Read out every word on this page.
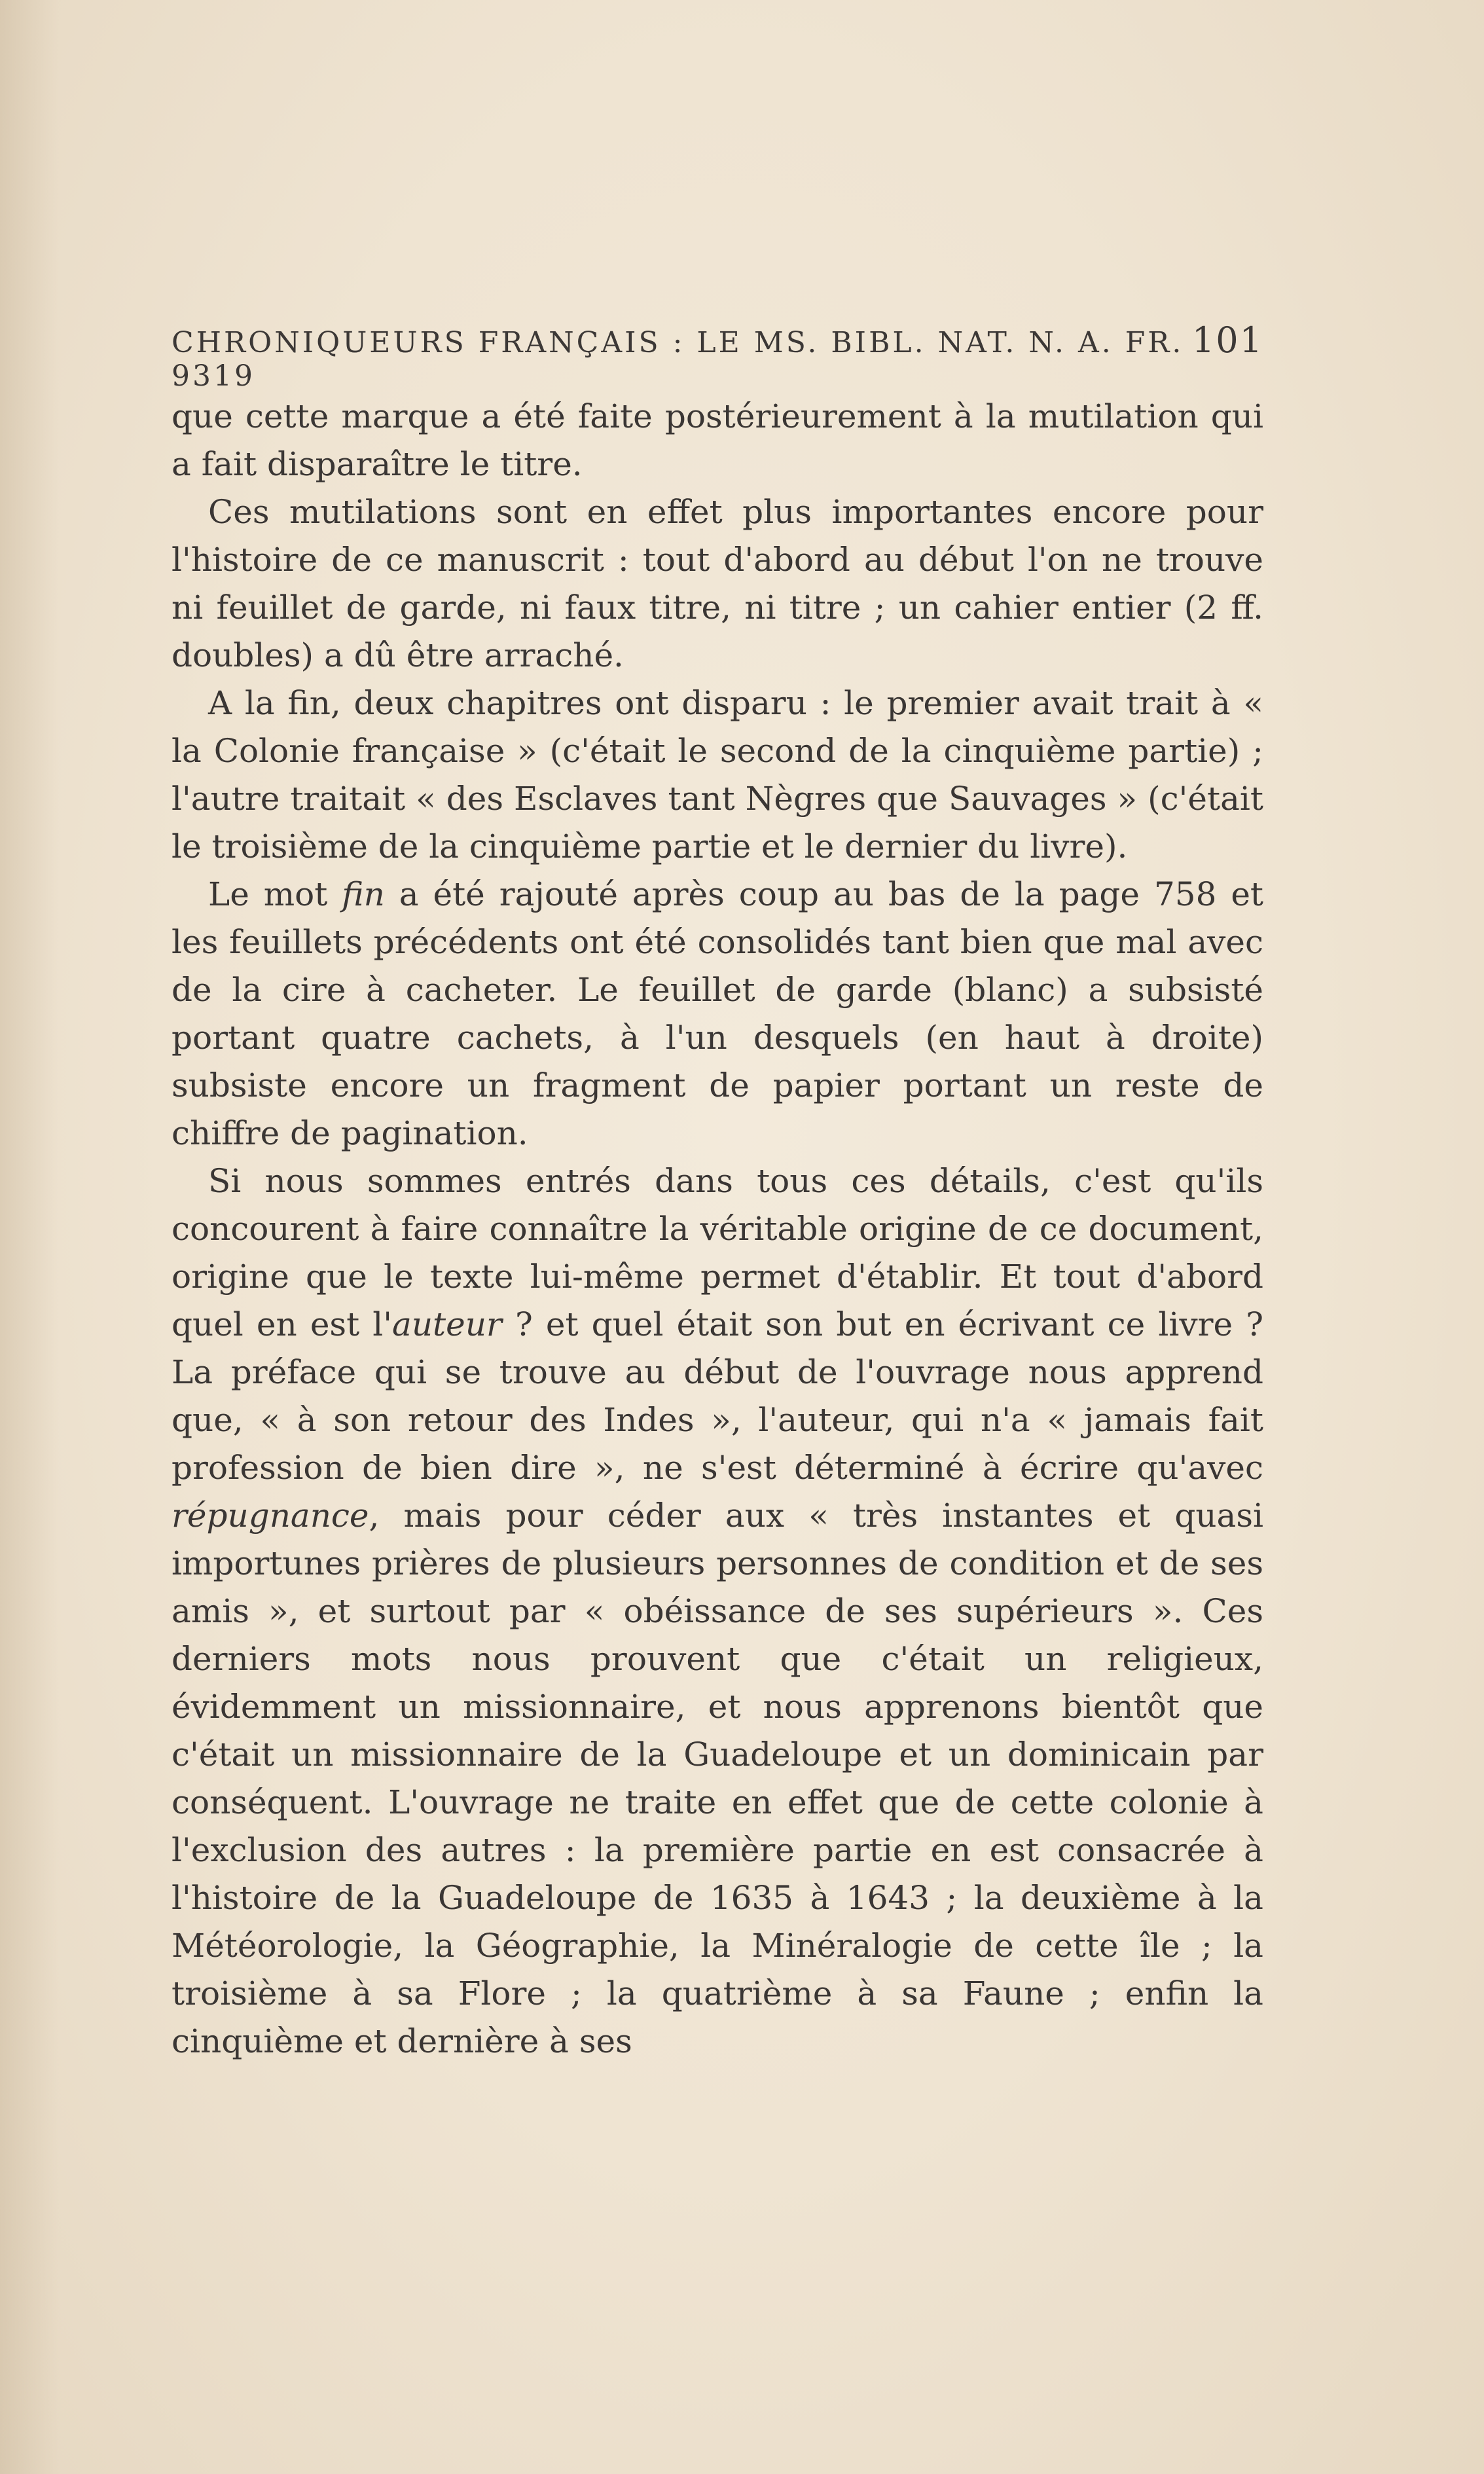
CHRONIQUEURS FRANÇAIS : LE MS. BIBL. NAT. N. A. FR. 9319
101

que cette marque a été faite postérieurement à la mutilation qui a fait disparaître le titre.

Ces mutilations sont en effet plus importantes encore pour l'histoire de ce manuscrit : tout d'abord au début l'on ne trouve ni feuillet de garde, ni faux titre, ni titre ; un cahier entier (2 ff. doubles) a dû être arraché.

A la fin, deux chapitres ont disparu : le premier avait trait à « la Colonie française » (c'était le second de la cinquième partie) ; l'autre traitait « des Esclaves tant Nègres que Sauvages » (c'était le troisième de la cinquième partie et le dernier du livre).

Le mot fin a été rajouté après coup au bas de la page 758 et les feuillets précédents ont été consolidés tant bien que mal avec de la cire à cacheter. Le feuillet de garde (blanc) a subsisté portant quatre cachets, à l'un desquels (en haut à droite) subsiste encore un fragment de papier portant un reste de chiffre de pagination.

Si nous sommes entrés dans tous ces détails, c'est qu'ils concourent à faire connaître la véritable origine de ce document, origine que le texte lui-même permet d'établir. Et tout d'abord quel en est l'auteur ? et quel était son but en écrivant ce livre ? La préface qui se trouve au début de l'ouvrage nous apprend que, « à son retour des Indes », l'auteur, qui n'a « jamais fait profession de bien dire », ne s'est déterminé à écrire qu'avec répugnance, mais pour céder aux « très instantes et quasi importunes prières de plusieurs personnes de condition et de ses amis », et surtout par « obéissance de ses supérieurs ». Ces derniers mots nous prouvent que c'était un religieux, évidemment un missionnaire, et nous apprenons bientôt que c'était un missionnaire de la Guadeloupe et un dominicain par conséquent. L'ouvrage ne traite en effet que de cette colonie à l'exclusion des autres : la première partie en est consacrée à l'histoire de la Guadeloupe de 1635 à 1643 ; la deuxième à la Météorologie, la Géographie, la Minéralogie de cette île ; la troisième à sa Flore ; la quatrième à sa Faune ; enfin la cinquième et dernière à ses
